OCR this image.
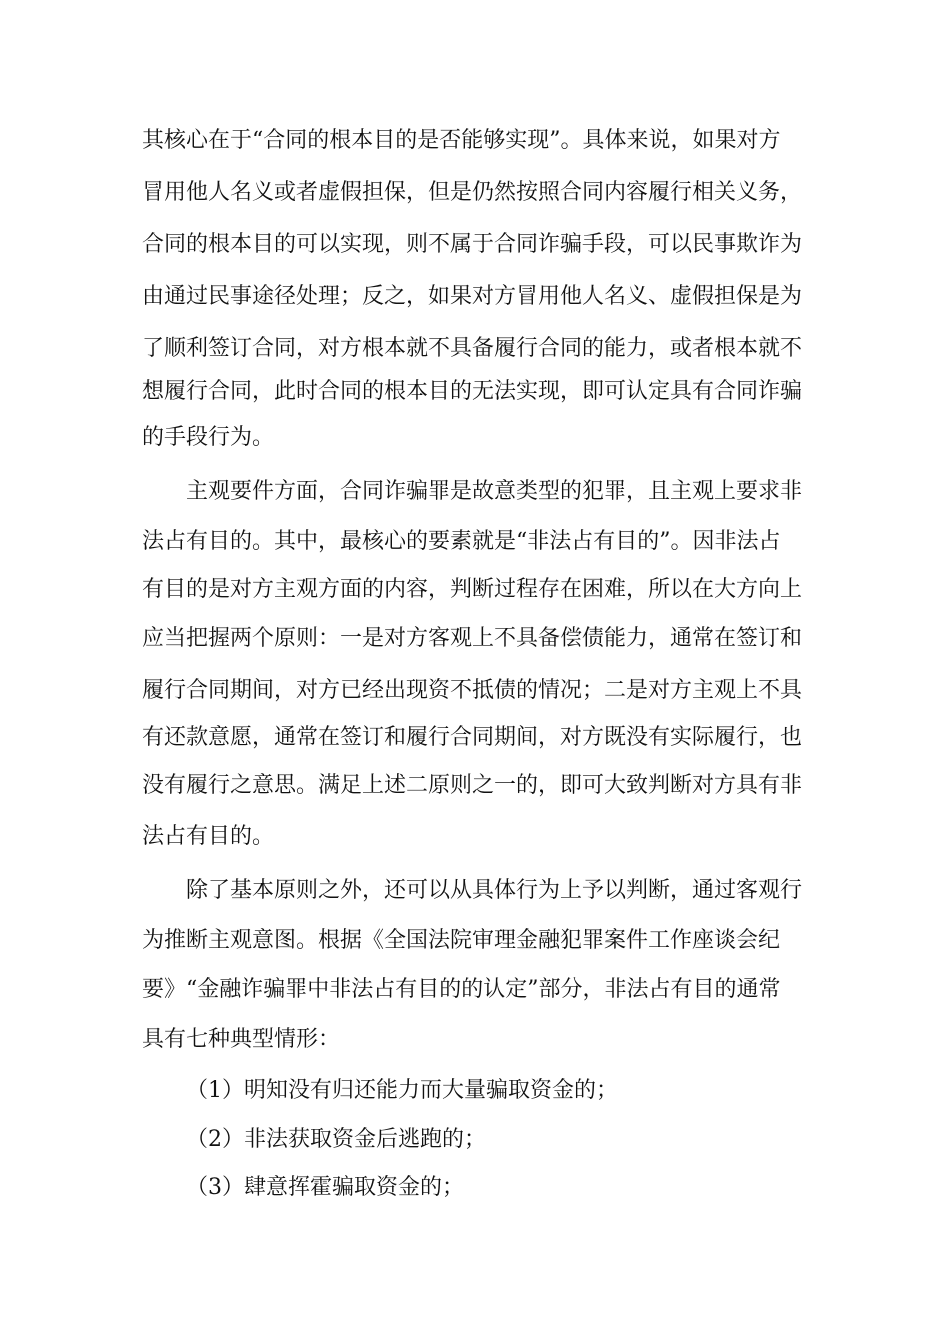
其核心在于“合同的根本目的是否能够实现”。具体来说，如果对方
冒用他人名义或者虚假担保，但是仍然按照合同内容履行相关义务，
合同的根本目的可以实现，则不属于合同诈骗手段，可以民事欺诈为
由通过民事途径处理；反之，如果对方冒用他人名义、虚假担保是为
了顺利签订合同，对方根本就不具备履行合同的能力，或者根本就不
想履行合同，此时合同的根本目的无法实现，即可认定具有合同诈骗
的手段行为。
主观要件方面，合同诈骗罪是故意类型的犯罪，且主观上要求非
法占有目的。其中，最核心的要素就是“非法占有目的”。因非法占
有目的是对方主观方面的内容，判断过程存在困难，所以在大方向上
应当把握两个原则：一是对方客观上不具备偿债能力，通常在签订和
履行合同期间，对方已经出现资不抵债的情况；二是对方主观上不具
有还款意愿，通常在签订和履行合同期间，对方既没有实际履行，也
没有履行之意思。满足上述二原则之一的，即可大致判断对方具有非
法占有目的。
除了基本原则之外，还可以从具体行为上予以判断，通过客观行
为推断主观意图。根据《全国法院审理金融犯罪案件工作座谈会纪
要》“金融诈骗罪中非法占有目的的认定”部分，非法占有目的通常
具有七种典型情形：
（1）明知没有归还能力而大量骗取资金的；
（2）非法获取资金后逃跑的；
（3）肆意挥霍骗取资金的；
